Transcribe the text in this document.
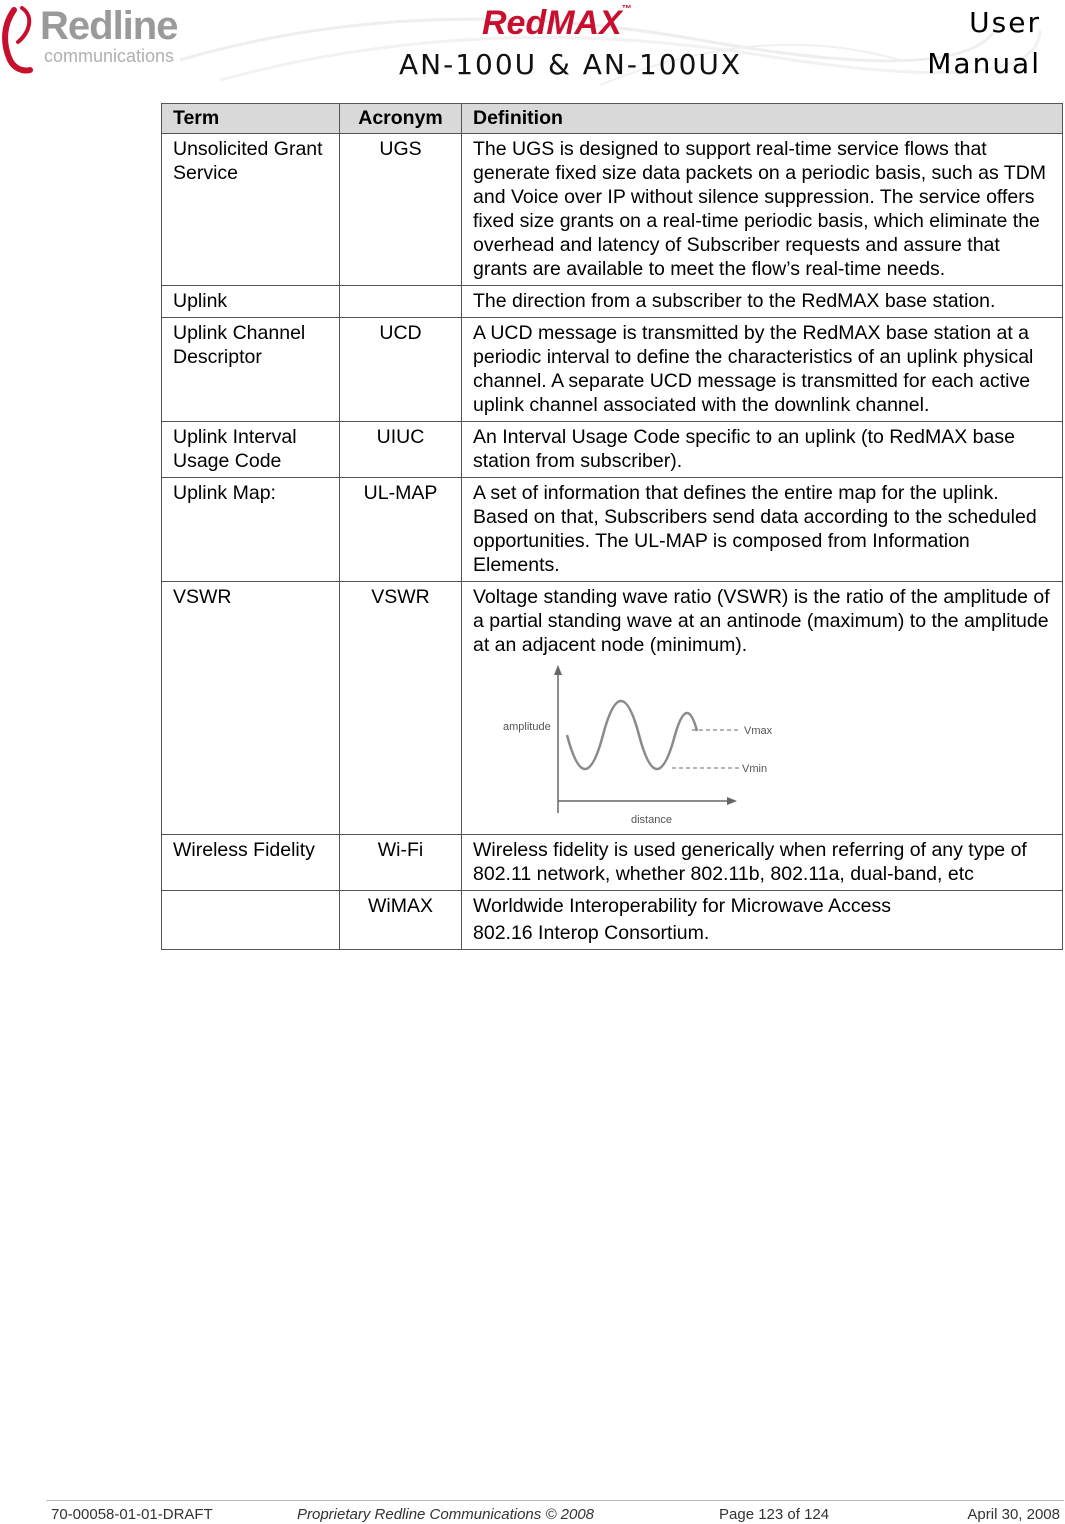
Redline
communications
RedMAX™
AN-100U & AN-100UX
User
Manual
Term	Acronym	Definition
Unsolicited Grant Service	UGS	The UGS is designed to support real-time service flows that generate fixed size data packets on a periodic basis, such as TDM and Voice over IP without silence suppression. The service offers fixed size grants on a real-time periodic basis, which eliminate the overhead and latency of Subscriber requests and assure that grants are available to meet the flow’s real-time needs.
Uplink		The direction from a subscriber to the RedMAX base station.
Uplink Channel Descriptor	UCD	A UCD message is transmitted by the RedMAX base station at a periodic interval to define the characteristics of an uplink physical channel. A separate UCD message is transmitted for each active uplink channel associated with the downlink channel.
Uplink Interval Usage Code	UIUC	An Interval Usage Code specific to an uplink (to RedMAX base station from subscriber).
Uplink Map:	UL-MAP	A set of information that defines the entire map for the uplink. Based on that, Subscribers send data according to the scheduled opportunities. The UL-MAP is composed from Information Elements.
VSWR	VSWR	Voltage standing wave ratio (VSWR) is the ratio of the amplitude of a partial standing wave at an antinode (maximum) to the amplitude at an adjacent node (minimum).
amplitude
distance
Vmax
Vmin

Wireless Fidelity	Wi-Fi	Wireless fidelity is used generically when referring of any type of 802.11 network, whether 802.11b, 802.11a, dual-band, etc
	WiMAX	Worldwide Interoperability for Microwave Access
802.16 Interop Consortium.
70-00058-01-01-DRAFT	Proprietary Redline Communications © 2008	Page 123 of 124	April 30, 2008
